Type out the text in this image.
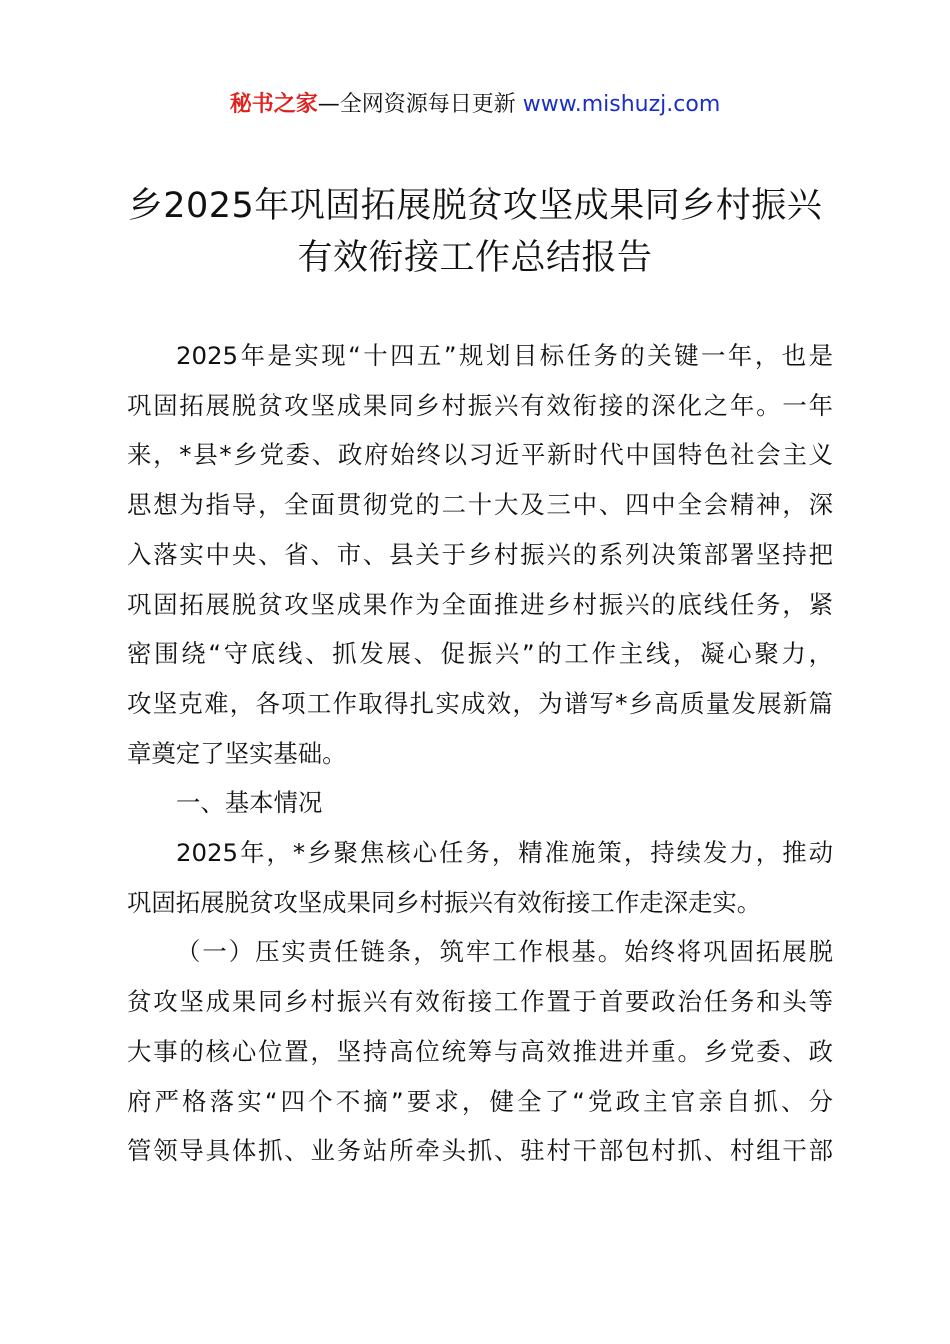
秘书之家—全网资源每日更新 www.mishuzj.com
乡2025年巩固拓展脱贫攻坚成果同乡村振兴
有效衔接工作总结报告
2025年是实现“十四五”规划目标任务的关键一年，也是
巩固拓展脱贫攻坚成果同乡村振兴有效衔接的深化之年。一年
来，*县*乡党委、政府始终以习近平新时代中国特色社会主义
思想为指导，全面贯彻党的二十大及三中、四中全会精神，深
入落实中央、省、市、县关于乡村振兴的系列决策部署坚持把
巩固拓展脱贫攻坚成果作为全面推进乡村振兴的底线任务，紧
密围绕“守底线、抓发展、促振兴”的工作主线，凝心聚力，
攻坚克难，各项工作取得扎实成效，为谱写*乡高质量发展新篇
章奠定了坚实基础。
一、基本情况
2025年，*乡聚焦核心任务，精准施策，持续发力，推动
巩固拓展脱贫攻坚成果同乡村振兴有效衔接工作走深走实。
（一）压实责任链条，筑牢工作根基。始终将巩固拓展脱
贫攻坚成果同乡村振兴有效衔接工作置于首要政治任务和头等
大事的核心位置，坚持高位统筹与高效推进并重。乡党委、政
府严格落实“四个不摘”要求，健全了“党政主官亲自抓、分
管领导具体抓、业务站所牵头抓、驻村干部包村抓、村组干部
